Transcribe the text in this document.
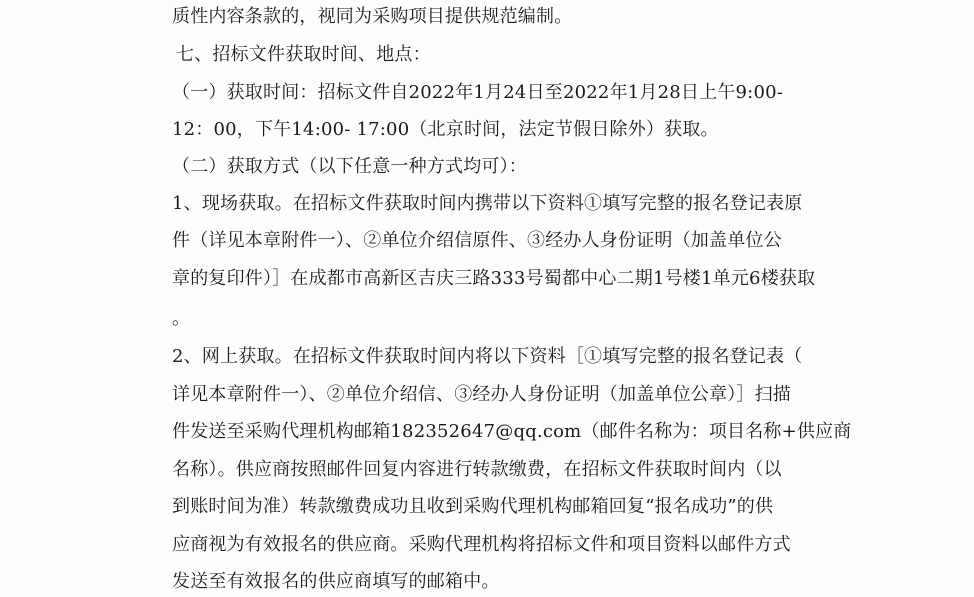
质性内容条款的，视同为采购项目提供规范编制。
七、招标文件获取时间、地点：
（一）获取时间：招标文件自2022年1月24日至2022年1月28日上午9:00-
12：00，下午14:00- 17:00（北京时间，法定节假日除外）获取。
（二）获取方式（以下任意一种方式均可）：
1、现场获取。在招标文件获取时间内携带以下资料①填写完整的报名登记表原
件（详见本章附件一）、②单位介绍信原件、③经办人身份证明（加盖单位公
章的复印件）］在成都市高新区吉庆三路333号蜀都中心二期1号楼1单元6楼获取
。
2、网上获取。在招标文件获取时间内将以下资料［①填写完整的报名登记表（
详见本章附件一）、②单位介绍信、③经办人身份证明（加盖单位公章）］扫描
件发送至采购代理机构邮箱182352647@qq.com（邮件名称为：项目名称+供应商
名称）。供应商按照邮件回复内容进行转款缴费，在招标文件获取时间内（以
到账时间为准）转款缴费成功且收到采购代理机构邮箱回复“报名成功”的供
应商视为有效报名的供应商。采购代理机构将招标文件和项目资料以邮件方式
发送至有效报名的供应商填写的邮箱中。
